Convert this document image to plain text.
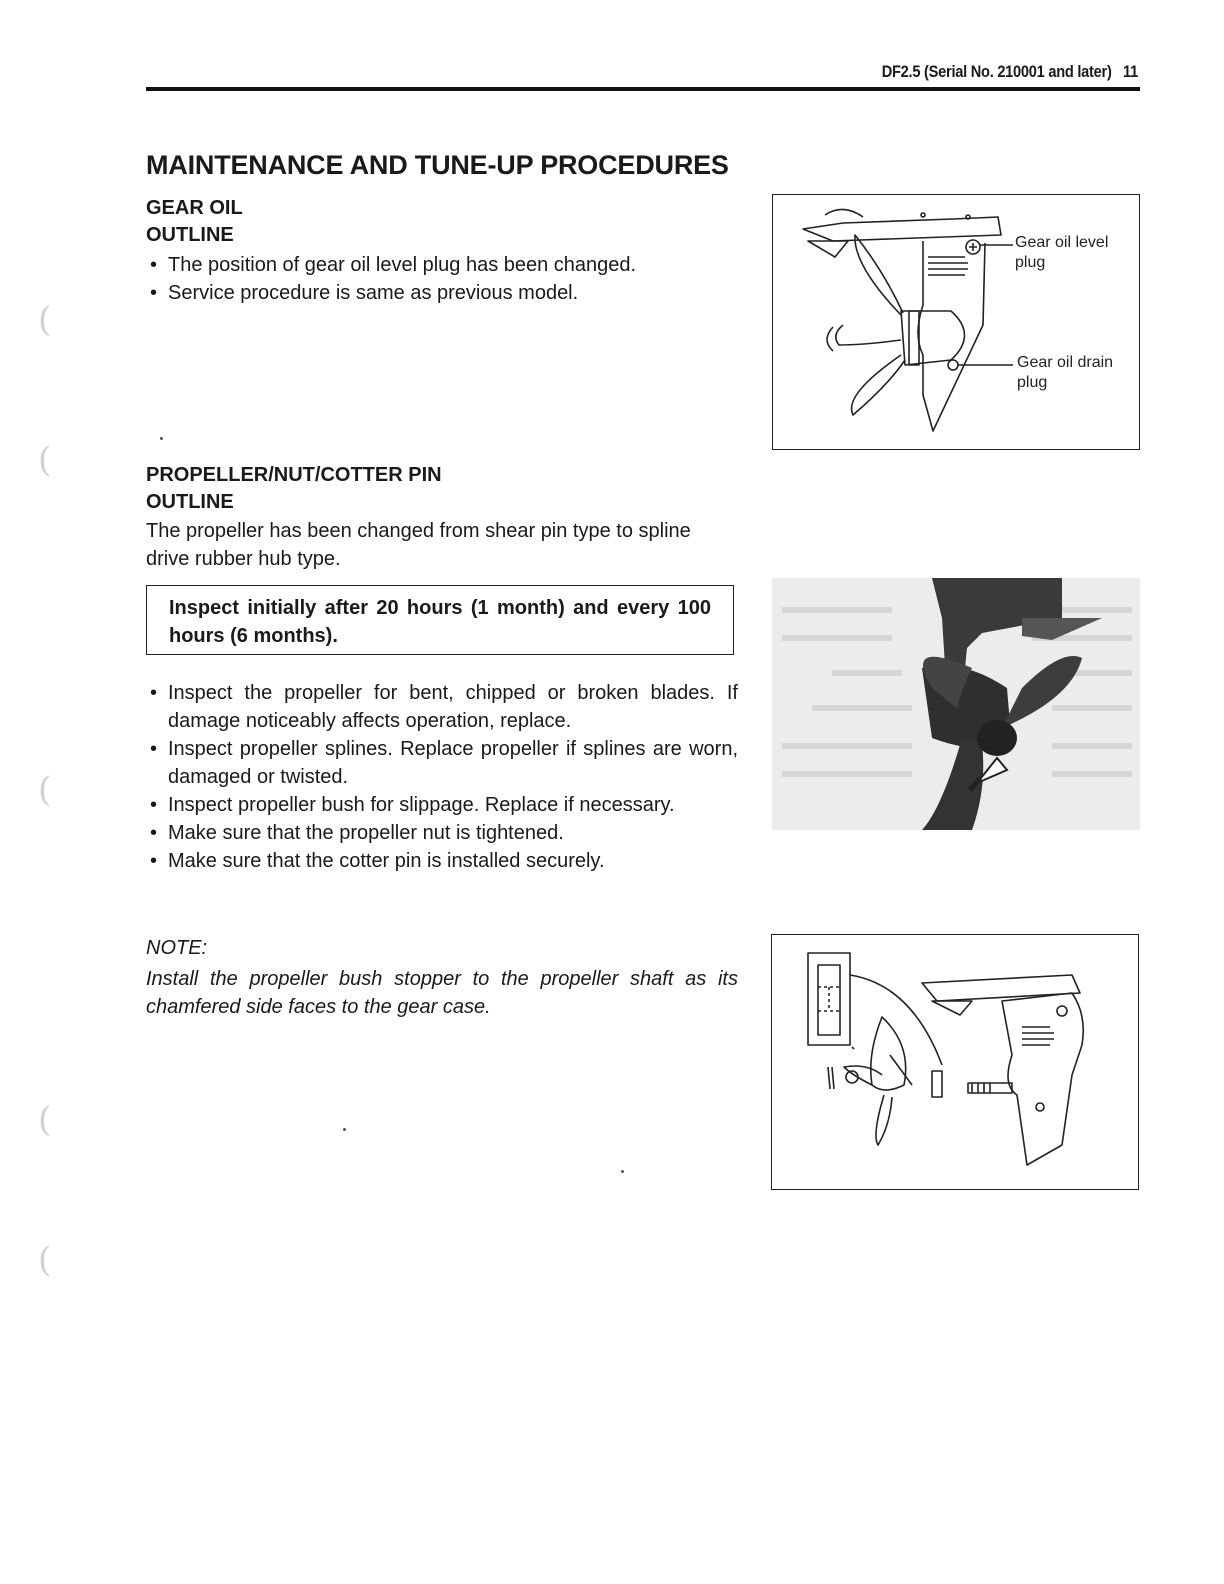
DF2.5 (Serial No. 210001 and later) 11
MAINTENANCE AND TUNE-UP PROCEDURES
GEAR OIL
OUTLINE
• The position of gear oil level plug has been changed.
• Service procedure is same as previous model.
Gear oil level plug
Gear oil drain plug
PROPELLER/NUT/COTTER PIN
OUTLINE
The propeller has been changed from shear pin type to spline drive rubber hub type.
Inspect initially after 20 hours (1 month) and every 100 hours (6 months).
• Inspect the propeller for bent, chipped or broken blades. If damage noticeably affects operation, replace.
• Inspect propeller splines. Replace propeller if splines are worn, damaged or twisted.
• Inspect propeller bush for slippage. Replace if necessary.
• Make sure that the propeller nut is tightened.
• Make sure that the cotter pin is installed securely.
NOTE:
Install the propeller bush stopper to the propeller shaft as its chamfered side faces to the gear case.
(
(
(
(
(
